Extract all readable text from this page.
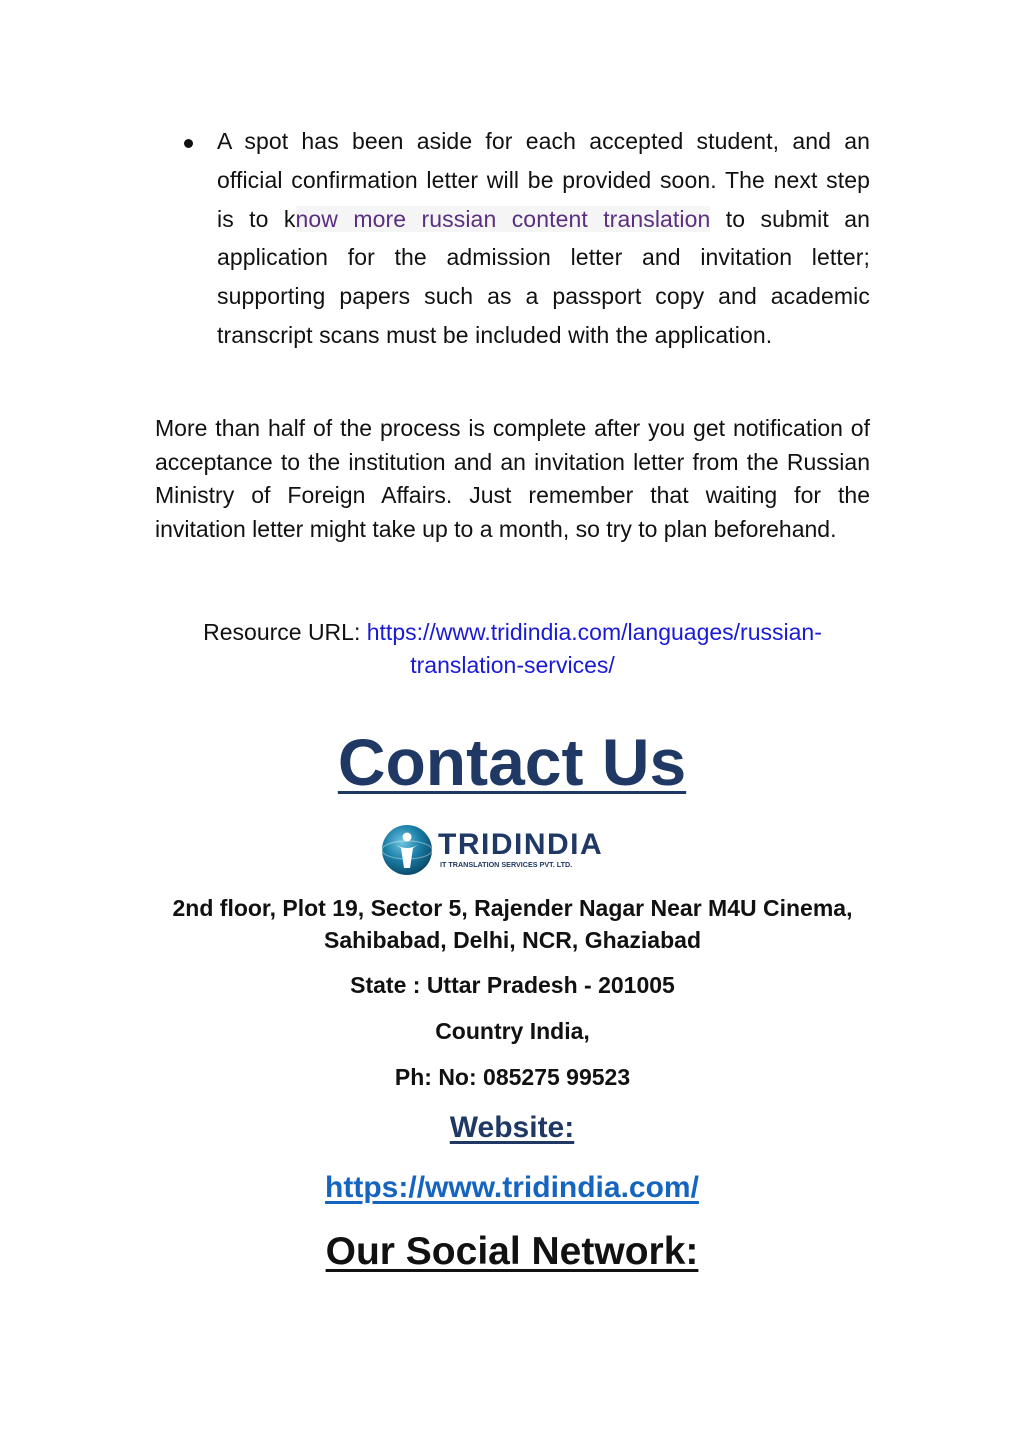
A spot has been aside for each accepted student, and an official confirmation letter will be provided soon. The next step is to know more russian content translation to submit an application for the admission letter and invitation letter; supporting papers such as a passport copy and academic transcript scans must be included with the application.

More than half of the process is complete after you get notification of acceptance to the institution and an invitation letter from the Russian Ministry of Foreign Affairs. Just remember that waiting for the invitation letter might take up to a month, so try to plan beforehand.

Resource URL: https://www.tridindia.com/languages/russian-translation-services/
Contact Us
TRIDINDIA
IT TRANSLATION SERVICES PVT. LTD.
2nd floor, Plot 19, Sector 5, Rajender Nagar Near M4U Cinema, Sahibabad, Delhi, NCR, Ghaziabad
State : Uttar Pradesh - 201005
Country India,
Ph: No: 085275 99523
Website:
https://www.tridindia.com/
Our Social Network:
